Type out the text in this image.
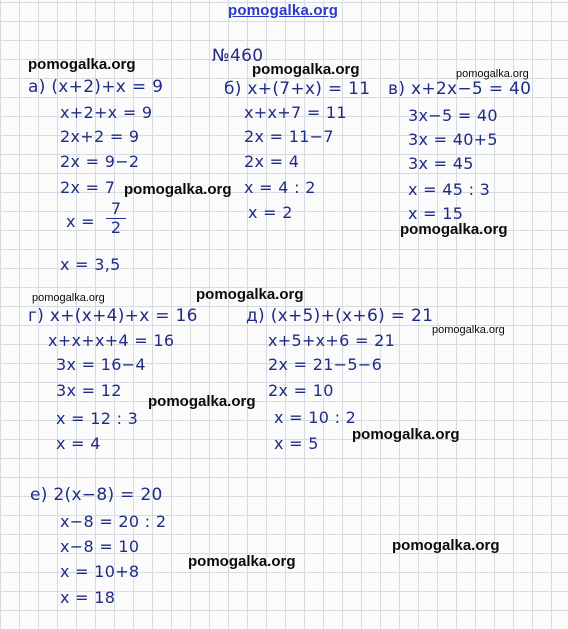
pomogalka.org
№460
а) (x+2)+x = 9
x+2+x = 9
2x+2 = 9
2x = 9−2
2x = 7
x =
7
2
x = 3,5
б) x+(7+x) = 11
x+x+7 = 11
2x = 11−7
2x = 4
x = 4 : 2
x = 2
в) x+2x−5 = 40
3x−5 = 40
3x = 40+5
3x = 45
x = 45 : 3
x = 15
г) x+(x+4)+x = 16
x+x+x+4 = 16
3x = 16−4
3x = 12
x = 12 : 3
x = 4
д) (x+5)+(x+6) = 21
x+5+x+6 = 21
2x = 21−5−6
2x = 10
x = 10 : 2
x = 5
е) 2(x−8) = 20
x−8 = 20 : 2
x−8 = 10
x = 10+8
x = 18
pomogalka.org	pomogalka.org	pomogalka.org
pomogalka.org
pomogalka.org
pomogalka.org
pomogalka.org
pomogalka.org
pomogalka.org
pomogalka.org
pomogalka.org
pomogalka.org
